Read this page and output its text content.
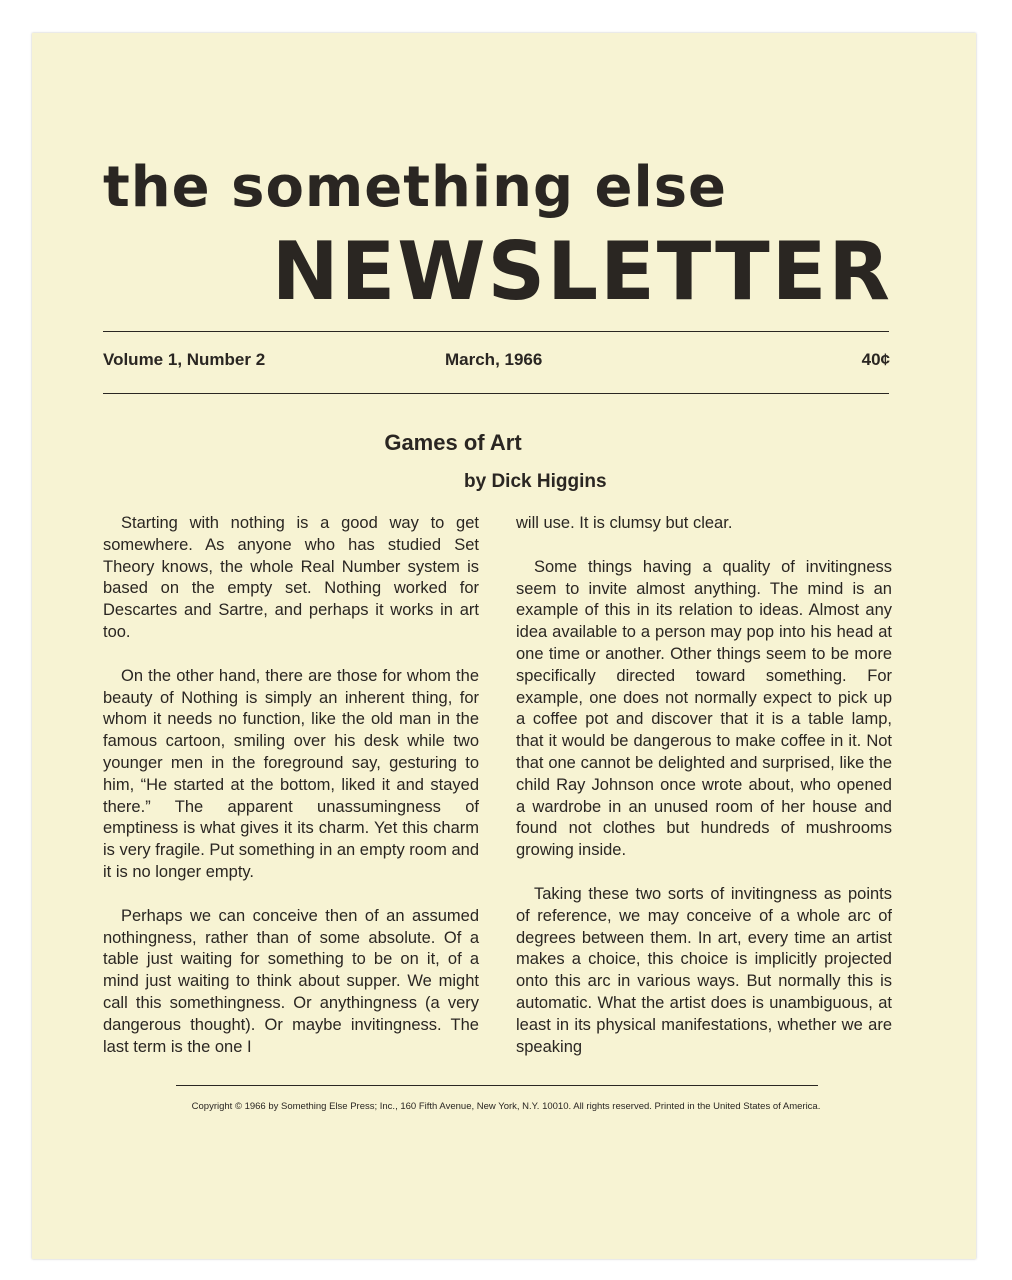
the something else
NEWSLETTER
Volume 1, Number 2	March, 1966	40¢
Games of Art
by Dick Higgins

Starting with nothing is a good way to get somewhere. As anyone who has studied Set Theory knows, the whole Real Number system is based on the empty set. Nothing worked for Descartes and Sartre, and perhaps it works in art too.

On the other hand, there are those for whom the beauty of Nothing is simply an inherent thing, for whom it needs no function, like the old man in the famous cartoon, smiling over his desk while two younger men in the foreground say, gesturing to him, “He started at the bottom, liked it and stayed there.” The apparent unassumingness of emptiness is what gives it its charm. Yet this charm is very fragile. Put something in an empty room and it is no longer empty.

Perhaps we can conceive then of an assumed nothingness, rather than of some absolute. Of a table just waiting for something to be on it, of a mind just waiting to think about supper. We might call this somethingness. Or anythingness (a very dangerous thought). Or maybe invitingness. The last term is the one I

will use. It is clumsy but clear.

Some things having a quality of invitingness seem to invite almost anything. The mind is an example of this in its relation to ideas. Almost any idea available to a person may pop into his head at one time or another. Other things seem to be more specifically directed toward something. For example, one does not normally expect to pick up a coffee pot and discover that it is a table lamp, that it would be dangerous to make coffee in it. Not that one cannot be delighted and surprised, like the child Ray Johnson once wrote about, who opened a wardrobe in an unused room of her house and found not clothes but hundreds of mushrooms growing inside.

Taking these two sorts of invitingness as points of reference, we may conceive of a whole arc of degrees between them. In art, every time an artist makes a choice, this choice is implicitly projected onto this arc in various ways. But normally this is automatic. What the artist does is unambiguous, at least in its physical manifestations, whether we are speaking

Copyright © 1966 by Something Else Press; Inc., 160 Fifth Avenue, New York, N.Y. 10010. All rights reserved. Printed in the United States of America.
